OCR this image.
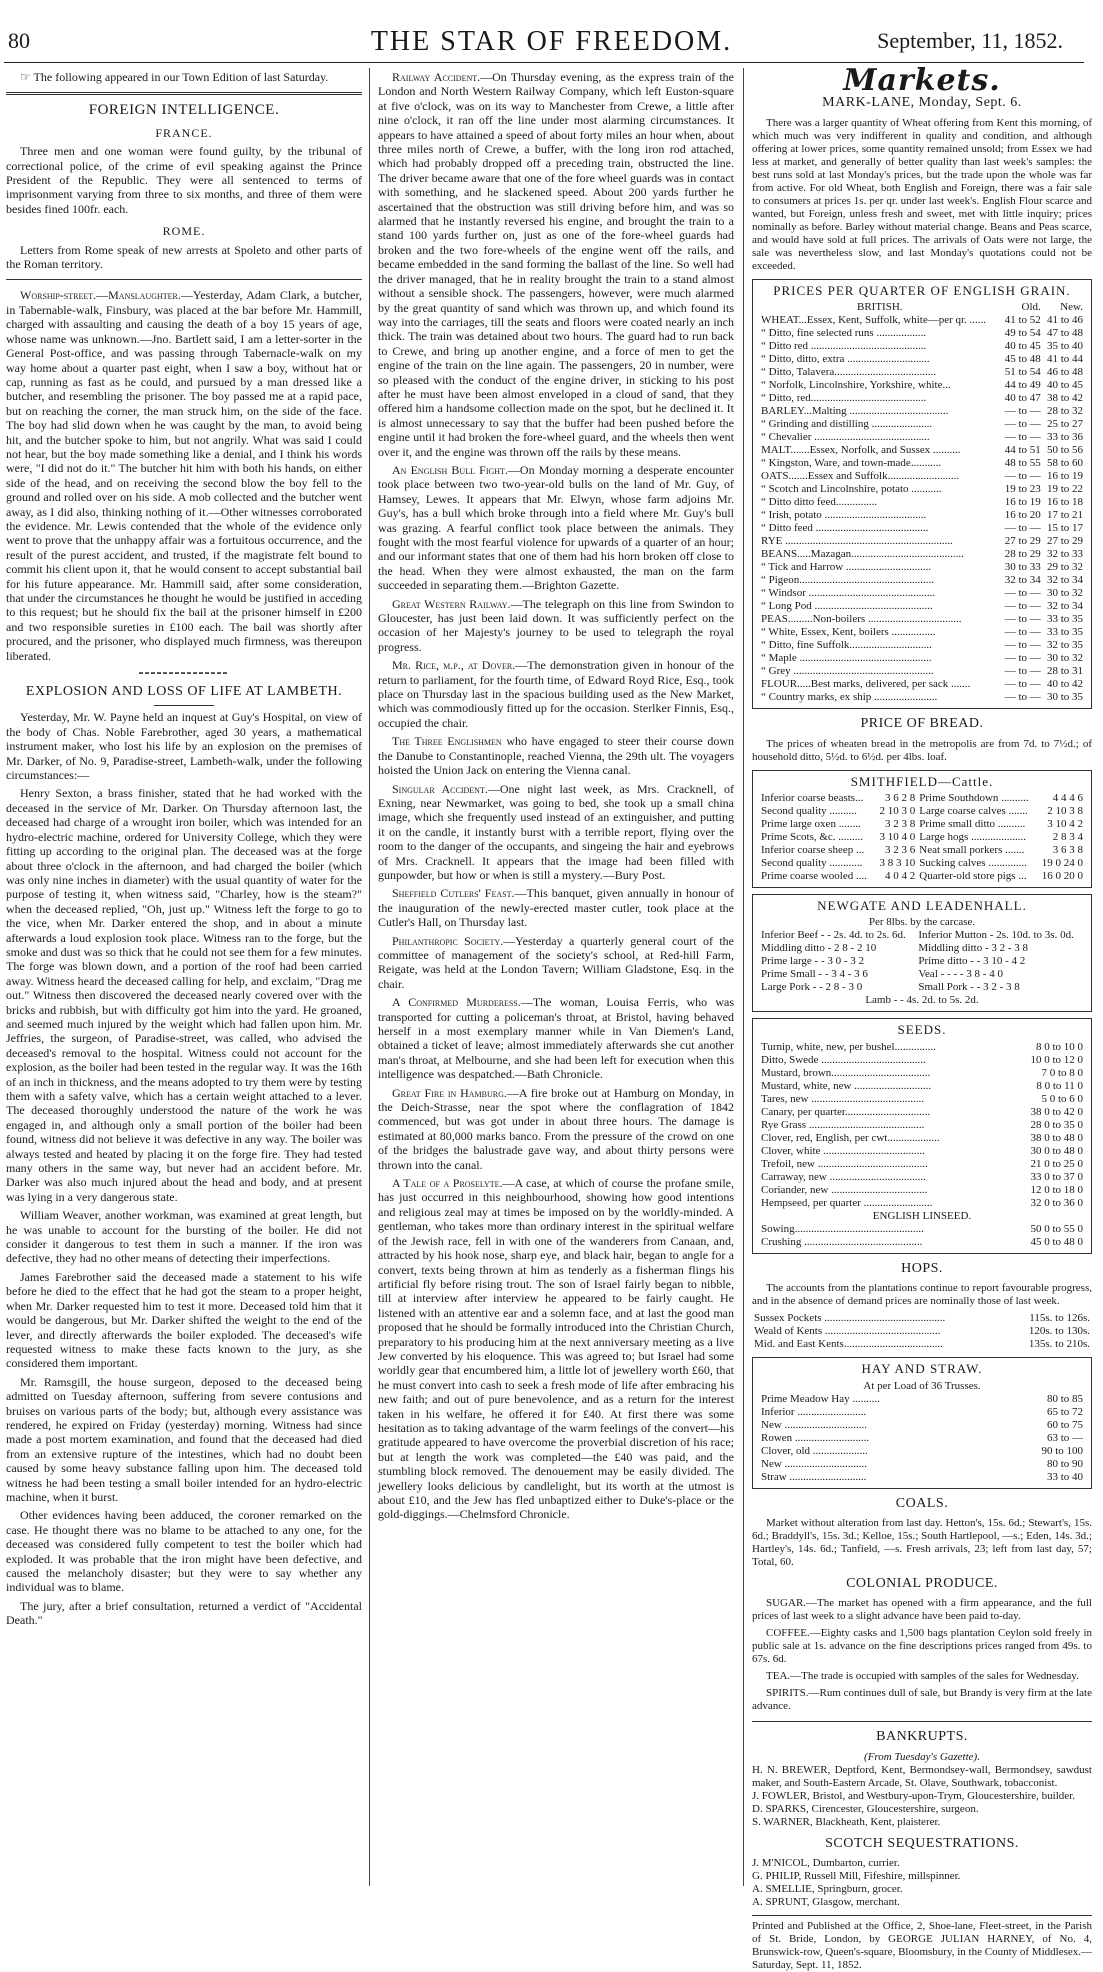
80	THE STAR OF FREEDOM.	September, 11, 1852.

☞ The following appeared in our Town Edition of last Saturday.

FOREIGN INTELLIGENCE.
FRANCE.

Three men and one woman were found guilty, by the tribunal of correctional police, of the crime of evil speaking against the Prince President of the Republic. They were all sentenced to terms of imprisonment varying from three to six months, and three of them were besides fined 100fr. each.

ROME.

Letters from Rome speak of new arrests at Spoleto and other parts of the Roman territory.

Worship-street.—Manslaughter.—Yesterday, Adam Clark, a butcher, in Tabernable-walk, Finsbury, was placed at the bar before Mr. Hammill, charged with assaulting and causing the death of a boy 15 years of age, whose name was unknown.—Jno. Bartlett said, I am a letter-sorter in the General Post-office, and was passing through Tabernacle-walk on my way home about a quarter past eight, when I saw a boy, without hat or cap, running as fast as he could, and pursued by a man dressed like a butcher, and resembling the prisoner. The boy passed me at a rapid pace, but on reaching the corner, the man struck him, on the side of the face. The boy had slid down when he was caught by the man, to avoid being hit, and the butcher spoke to him, but not angrily. What was said I could not hear, but the boy made something like a denial, and I think his words were, "I did not do it." The butcher hit him with both his hands, on either side of the head, and on receiving the second blow the boy fell to the ground and rolled over on his side. A mob collected and the butcher went away, as I did also, thinking nothing of it.—Other witnesses corroborated the evidence. Mr. Lewis contended that the whole of the evidence only went to prove that the unhappy affair was a fortuitous occurrence, and the result of the purest accident, and trusted, if the magistrate felt bound to commit his client upon it, that he would consent to accept substantial bail for his future appearance. Mr. Hammill said, after some consideration, that under the circumstances he thought he would be justified in acceding to this request; but he should fix the bail at the prisoner himself in £200 and two responsible sureties in £100 each. The bail was shortly after procured, and the prisoner, who displayed much firmness, was thereupon liberated.

EXPLOSION AND LOSS OF LIFE AT LAMBETH.

Yesterday, Mr. W. Payne held an inquest at Guy's Hospital, on view of the body of Chas. Noble Farebrother, aged 30 years, a mathematical instrument maker, who lost his life by an explosion on the premises of Mr. Darker, of No. 9, Paradise-street, Lambeth-walk, under the following circumstances:—

Henry Sexton, a brass finisher, stated that he had worked with the deceased in the service of Mr. Darker. On Thursday afternoon last, the deceased had charge of a wrought iron boiler, which was intended for an hydro-electric machine, ordered for University College, which they were fitting up according to the original plan. The deceased was at the forge about three o'clock in the afternoon, and had charged the boiler (which was only nine inches in diameter) with the usual quantity of water for the purpose of testing it, when witness said, "Charley, how is the steam?" when the deceased replied, "Oh, just up." Witness left the forge to go to the vice, when Mr. Darker entered the shop, and in about a minute afterwards a loud explosion took place. Witness ran to the forge, but the smoke and dust was so thick that he could not see them for a few minutes. The forge was blown down, and a portion of the roof had been carried away. Witness heard the deceased calling for help, and exclaim, "Drag me out." Witness then discovered the deceased nearly covered over with the bricks and rubbish, but with difficulty got him into the yard. He groaned, and seemed much injured by the weight which had fallen upon him. Mr. Jeffries, the surgeon, of Paradise-street, was called, who advised the deceased's removal to the hospital. Witness could not account for the explosion, as the boiler had been tested in the regular way. It was the 16th of an inch in thickness, and the means adopted to try them were by testing them with a safety valve, which has a certain weight attached to a lever. The deceased thoroughly understood the nature of the work he was engaged in, and although only a small portion of the boiler had been found, witness did not believe it was defective in any way. The boiler was always tested and heated by placing it on the forge fire. They had tested many others in the same way, but never had an accident before. Mr. Darker was also much injured about the head and body, and at present was lying in a very dangerous state.

William Weaver, another workman, was examined at great length, but he was unable to account for the bursting of the boiler. He did not consider it dangerous to test them in such a manner. If the iron was defective, they had no other means of detecting their imperfections.

James Farebrother said the deceased made a statement to his wife before he died to the effect that he had got the steam to a proper height, when Mr. Darker requested him to test it more. Deceased told him that it would be dangerous, but Mr. Darker shifted the weight to the end of the lever, and directly afterwards the boiler exploded. The deceased's wife requested witness to make these facts known to the jury, as she considered them important.

Mr. Ramsgill, the house surgeon, deposed to the deceased being admitted on Tuesday afternoon, suffering from severe contusions and bruises on various parts of the body; but, although every assistance was rendered, he expired on Friday (yesterday) morning. Witness had since made a post mortem examination, and found that the deceased had died from an extensive rupture of the intestines, which had no doubt been caused by some heavy substance falling upon him. The deceased told witness he had been testing a small boiler intended for an hydro-electric machine, when it burst.

Other evidences having been adduced, the coroner remarked on the case. He thought there was no blame to be attached to any one, for the deceased was considered fully competent to test the boiler which had exploded. It was probable that the iron might have been defective, and caused the melancholy disaster; but they were to say whether any individual was to blame.

The jury, after a brief consultation, returned a verdict of "Accidental Death."

Railway Accident.—On Thursday evening, as the express train of the London and North Western Railway Company, which left Euston-square at five o'clock, was on its way to Manchester from Crewe, a little after nine o'clock, it ran off the line under most alarming circumstances. It appears to have attained a speed of about forty miles an hour when, about three miles north of Crewe, a buffer, with the long iron rod attached, which had probably dropped off a preceding train, obstructed the line. The driver became aware that one of the fore wheel guards was in contact with something, and he slackened speed. About 200 yards further he ascertained that the obstruction was still driving before him, and was so alarmed that he instantly reversed his engine, and brought the train to a stand 100 yards further on, just as one of the fore-wheel guards had broken and the two fore-wheels of the engine went off the rails, and became embedded in the sand forming the ballast of the line. So well had the driver managed, that he in reality brought the train to a stand almost without a sensible shock. The passengers, however, were much alarmed by the great quantity of sand which was thrown up, and which found its way into the carriages, till the seats and floors were coated nearly an inch thick. The train was detained about two hours. The guard had to run back to Crewe, and bring up another engine, and a force of men to get the engine of the train on the line again. The passengers, 20 in number, were so pleased with the conduct of the engine driver, in sticking to his post after he must have been almost enveloped in a cloud of sand, that they offered him a handsome collection made on the spot, but he declined it. It is almost unnecessary to say that the buffer had been pushed before the engine until it had broken the fore-wheel guard, and the wheels then went over it, and the engine was thrown off the rails by these means.

An English Bull Fight.—On Monday morning a desperate encounter took place between two two-year-old bulls on the land of Mr. Guy, of Hamsey, Lewes. It appears that Mr. Elwyn, whose farm adjoins Mr. Guy's, has a bull which broke through into a field where Mr. Guy's bull was grazing. A fearful conflict took place between the animals. They fought with the most fearful violence for upwards of a quarter of an hour; and our informant states that one of them had his horn broken off close to the head. When they were almost exhausted, the man on the farm succeeded in separating them.—Brighton Gazette.

Great Western Railway.—The telegraph on this line from Swindon to Gloucester, has just been laid down. It was sufficiently perfect on the occasion of her Majesty's journey to be used to telegraph the royal progress.

Mr. Rice, m.p., at Dover.—The demonstration given in honour of the return to parliament, for the fourth time, of Edward Royd Rice, Esq., took place on Thursday last in the spacious building used as the New Market, which was commodiously fitted up for the occasion. Sterlker Finnis, Esq., occupied the chair.

The Three Englishmen who have engaged to steer their course down the Danube to Constantinople, reached Vienna, the 29th ult. The voyagers hoisted the Union Jack on entering the Vienna canal.

Singular Accident.—One night last week, as Mrs. Cracknell, of Exning, near Newmarket, was going to bed, she took up a small china image, which she frequently used instead of an extinguisher, and putting it on the candle, it instantly burst with a terrible report, flying over the room to the danger of the occupants, and singeing the hair and eyebrows of Mrs. Cracknell. It appears that the image had been filled with gunpowder, but how or when is still a mystery.—Bury Post.

Sheffield Cutlers' Feast.—This banquet, given annually in honour of the inauguration of the newly-erected master cutler, took place at the Cutler's Hall, on Thursday last.

Philanthropic Society.—Yesterday a quarterly general court of the committee of management of the society's school, at Red-hill Farm, Reigate, was held at the London Tavern; William Gladstone, Esq. in the chair.

A Confirmed Murderess.—The woman, Louisa Ferris, who was transported for cutting a policeman's throat, at Bristol, having behaved herself in a most exemplary manner while in Van Diemen's Land, obtained a ticket of leave; almost immediately afterwards she cut another man's throat, at Melbourne, and she had been left for execution when this intelligence was despatched.—Bath Chronicle.

Great Fire in Hamburg.—A fire broke out at Hamburg on Monday, in the Deich-Strasse, near the spot where the conflagration of 1842 commenced, but was got under in about three hours. The damage is estimated at 80,000 marks banco. From the pressure of the crowd on one of the bridges the balustrade gave way, and about thirty persons were thrown into the canal.

A Tale of a Proselyte.—A case, at which of course the profane smile, has just occurred in this neighbourhood, showing how good intentions and religious zeal may at times be imposed on by the worldly-minded. A gentleman, who takes more than ordinary interest in the spiritual welfare of the Jewish race, fell in with one of the wanderers from Canaan, and, attracted by his hook nose, sharp eye, and black hair, began to angle for a convert, texts being thrown at him as tenderly as a fisherman flings his artificial fly before rising trout. The son of Israel fairly began to nibble, till at interview after interview he appeared to be fairly caught. He listened with an attentive ear and a solemn face, and at last the good man proposed that he should be formally introduced into the Christian Church, preparatory to his producing him at the next anniversary meeting as a live Jew converted by his eloquence. This was agreed to; but Israel had some worldly gear that encumbered him, a little lot of jewellery worth £60, that he must convert into cash to seek a fresh mode of life after embracing his new faith; and out of pure benevolence, and as a return for the interest taken in his welfare, he offered it for £40. At first there was some hesitation as to taking advantage of the warm feelings of the convert—his gratitude appeared to have overcome the proverbial discretion of his race; but at length the work was completed—the £40 was paid, and the stumbling block removed. The denouement may be easily divided. The jewellery looks delicious by candlelight, but its worth at the utmost is about £10, and the Jew has fled unbaptized either to Duke's-place or the gold-diggings.—Chelmsford Chronicle.

Markets.
MARK-LANE, Monday, Sept. 6.

There was a larger quantity of Wheat offering from Kent this morning, of which much was very indifferent in quality and condition, and although offering at lower prices, some quantity remained unsold; from Essex we had less at market, and generally of better quality than last week's samples: the best runs sold at last Monday's prices, but the trade upon the whole was far from active. For old Wheat, both English and Foreign, there was a fair sale to consumers at prices 1s. per qr. under last week's. English Flour scarce and wanted, but Foreign, unless fresh and sweet, met with little inquiry; prices nominally as before. Barley without material change. Beans and Peas scarce, and would have sold at full prices. The arrivals of Oats were not large, the sale was nevertheless slow, and last Monday's quotations could not be exceeded.

PRICES PER QUARTER OF ENGLISH GRAIN.
BRITISH.	Old.	New.
WHEAT...Essex, Kent, Suffolk, white—per qr. ......	41 to 52	41 to 46
“ Ditto, fine selected runs ..................	49 to 54	47 to 48
“ Ditto red ..........................................	40 to 45	35 to 40
“ Ditto, ditto, extra ..............................	45 to 48	41 to 44
“ Ditto, Talavera.....................................	51 to 54	46 to 48
“ Norfolk, Lincolnshire, Yorkshire, white...	44 to 49	40 to 45
“ Ditto, red..........................................	40 to 47	38 to 42
BARLEY...Malting ....................................	— to —	28 to 32
“ Grinding and distilling ......................	— to —	25 to 27
“ Chevalier ..........................................	— to —	33 to 36
MALT.......Essex, Norfolk, and Sussex ..........	44 to 51	50 to 56
“ Kingston, Ware, and town-made...........	48 to 55	58 to 60
OATS.......Essex and Suffolk..........................	— to —	16 to 19
“ Scotch and Lincolnshire, potato ...........	19 to 23	19 to 22
“ Ditto ditto feed...............	16 to 19	16 to 18
“ Irish, potato .....................................	16 to 20	17 to 21
“ Ditto feed .........................................	— to —	15 to 17
RYE .............................................................	27 to 29	27 to 29
BEANS.....Mazagan.........................................	28 to 29	32 to 33
“ Tick and Harrow ...............................	30 to 33	29 to 32
“ Pigeon.................................................	32 to 34	32 to 34
“ Windsor ..............................................	— to —	30 to 32
“ Long Pod ...........................................	— to —	32 to 34
PEAS.........Non-boilers ..................................	— to —	33 to 35
“ White, Essex, Kent, boilers ................	— to —	33 to 35
“ Ditto, fine Suffolk..............................	— to —	32 to 35
“ Maple ................................................	— to —	30 to 32
“ Grey ...................................................	— to —	28 to 31
FLOUR.....Best marks, delivered, per sack .......	— to —	40 to 42
“ Country marks, ex ship .......................	— to —	30 to 35
PRICE OF BREAD.

The prices of wheaten bread in the metropolis are from 7d. to 7½d.; of household ditto, 5½d. to 6½d. per 4lbs. loaf.

SMITHFIELD—Cattle.
Inferior coarse beasts...	3 6 2 8	Prime Southdown ..........	4 4 4 6
Second quality ..........	2 10 3 0	Large coarse calves .......	2 10 3 8
Prime large oxen ........	3 2 3 8	Prime small ditto ..........	3 10 4 2
Prime Scots, &c. .........	3 10 4 0	Large hogs ....................	2 8 3 4
Inferior coarse sheep ...	3 2 3 6	Neat small porkers .......	3 6 3 8
Second quality ............	3 8 3 10	Sucking calves ..............	19 0 24 0
Prime coarse wooled ....	4 0 4 2	Quarter-old store pigs ...	16 0 20 0
NEWGATE AND LEADENHALL.
Per 8lbs. by the carcase.
Inferior Beef - - 2s. 4d. to 2s. 6d.	Inferior Mutton - 2s. 10d. to 3s. 0d.
Middling ditto - 2 8 - 2 10	Middling ditto - 3 2 - 3 8
Prime large - - 3 0 - 3 2	Prime ditto - - 3 10 - 4 2
Prime Small - - 3 4 - 3 6	Veal - - - - 3 8 - 4 0
Large Pork - - 2 8 - 3 0	Small Pork - - 3 2 - 3 8
Lamb - - 4s. 2d. to 5s. 2d.
SEEDS.
Turnip, white, new, per bushel...............	8 0 to 10 0
Ditto, Swede ......................................	10 0 to 12 0
Mustard, brown....................................	7 0 to 8 0
Mustard, white, new ............................	8 0 to 11 0
Tares, new .........................................	5 0 to 6 0
Canary, per quarter...............................	38 0 to 42 0
Rye Grass ..........................................	28 0 to 35 0
Clover, red, English, per cwt...................	38 0 to 48 0
Clover, white .....................................	30 0 to 48 0
Trefoil, new ........................................	21 0 to 25 0
Carraway, new ...................................	33 0 to 37 0
Coriander, new ...................................	12 0 to 18 0
Hempseed, per quarter .........................	32 0 to 36 0
ENGLISH LINSEED.
Sowing...............................................	50 0 to 55 0
Crushing ...........................................	45 0 to 48 0
HOPS.

The accounts from the plantations continue to report favourable progress, and in the absence of demand prices are nominally those of last week.

Sussex Pockets ............................................	115s. to 126s.
Weald of Kents ..........................................	120s. to 130s.
Mid. and East Kents....................................	135s. to 210s.
HAY AND STRAW.
At per Load of 36 Trusses.
Prime Meadow Hay ..........	80 to 85
Inferior .........................	65 to 72
New ..............................	60 to 75
Rowen ...........................	63 to —
Clover, old ....................	90 to 100
New ..............................	80 to 90
Straw ............................	33 to 40
COALS.

Market without alteration from last day. Hetton's, 15s. 6d.; Stewart's, 15s. 6d.; Braddyll's, 15s. 3d.; Kelloe, 15s.; South Hartlepool, —s.; Eden, 14s. 3d.; Hartley's, 14s. 6d.; Tanfield, —s. Fresh arrivals, 23; left from last day, 57; Total, 60.

COLONIAL PRODUCE.

SUGAR.—The market has opened with a firm appearance, and the full prices of last week to a slight advance have been paid to-day.

COFFEE.—Eighty casks and 1,500 bags plantation Ceylon sold freely in public sale at 1s. advance on the fine descriptions prices ranged from 49s. to 67s. 6d.

TEA.—The trade is occupied with samples of the sales for Wednesday.

SPIRITS.—Rum continues dull of sale, but Brandy is very firm at the late advance.

BANKRUPTS.
(From Tuesday's Gazette).
H. N. BREWER, Deptford, Kent, Bermondsey-wall, Bermondsey, sawdust maker, and South-Eastern Arcade, St. Olave, Southwark, tobacconist.
J. FOWLER, Bristol, and Westbury-upon-Trym, Gloucestershire, builder.
D. SPARKS, Cirencester, Gloucestershire, surgeon.
S. WARNER, Blackheath, Kent, plaisterer.
SCOTCH SEQUESTRATIONS.
J. M'NICOL, Dumbarton, currier.
G. PHILIP, Russell Mill, Fifeshire, millspinner.
A. SMELLIE, Springburn, grocer.
A. SPRUNT, Glasgow, merchant.
Printed and Published at the Office, 2, Shoe-lane, Fleet-street, in the Parish of St. Bride, London, by GEORGE JULIAN HARNEY, of No. 4, Brunswick-row, Queen's-square, Bloomsbury, in the County of Middlesex.—Saturday, Sept. 11, 1852.
